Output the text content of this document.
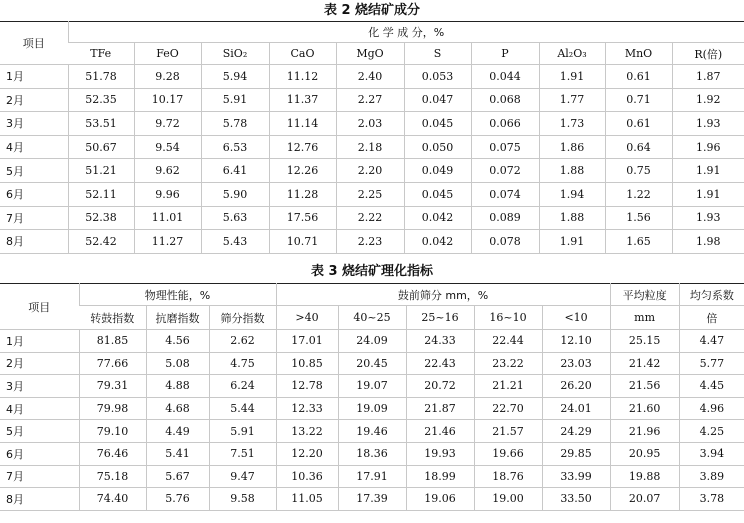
表 2 烧结矿成分
项目	化 学 成 分，%									
	TFe	FeO	SiO₂	CaO	MgO	S	P	Al₂O₃	MnO	R(倍)
1月	51.78	9.28	5.94	11.12	2.40	0.053	0.044	1.91	0.61	1.87
2月	52.35	10.17	5.91	11.37	2.27	0.047	0.068	1.77	0.71	1.92
3月	53.51	9.72	5.78	11.14	2.03	0.045	0.066	1.73	0.61	1.93
4月	50.67	9.54	6.53	12.76	2.18	0.050	0.075	1.86	0.64	1.96
5月	51.21	9.62	6.41	12.26	2.20	0.049	0.072	1.88	0.75	1.91
6月	52.11	9.96	5.90	11.28	2.25	0.045	0.074	1.94	1.22	1.91
7月	52.38	11.01	5.63	17.56	2.22	0.042	0.089	1.88	1.56	1.93
8月	52.42	11.27	5.43	10.71	2.23	0.042	0.078	1.91	1.65	1.98
表 3 烧结矿理化指标
项目	物理性能，%			鼓前筛分 mm，%					平均粒度	均匀系数
	转鼓指数	抗磨指数	筛分指数	>40	40~25	25~16	16~10	<10	mm	倍
1月	81.85	4.56	2.62	17.01	24.09	24.33	22.44	12.10	25.15	4.47
2月	77.66	5.08	4.75	10.85	20.45	22.43	23.22	23.03	21.42	5.77
3月	79.31	4.88	6.24	12.78	19.07	20.72	21.21	26.20	21.56	4.45
4月	79.98	4.68	5.44	12.33	19.09	21.87	22.70	24.01	21.60	4.96
5月	79.10	4.49	5.91	13.22	19.46	21.46	21.57	24.29	21.96	4.25
6月	76.46	5.41	7.51	12.20	18.36	19.93	19.66	29.85	20.95	3.94
7月	75.18	5.67	9.47	10.36	17.91	18.99	18.76	33.99	19.88	3.89
8月	74.40	5.76	9.58	11.05	17.39	19.06	19.00	33.50	20.07	3.78
